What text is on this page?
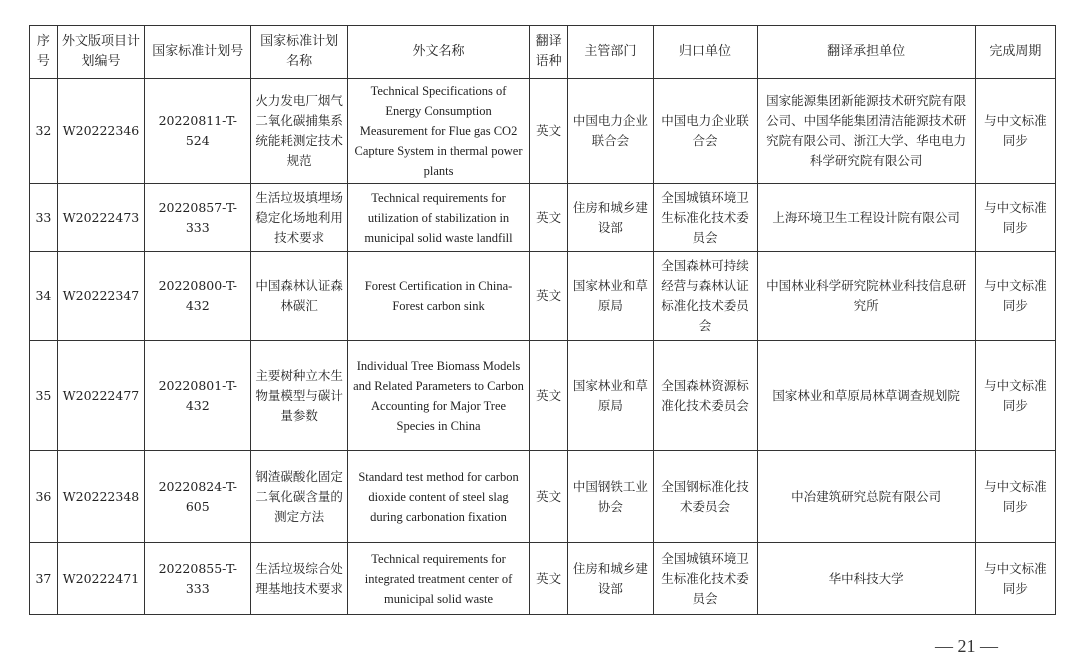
序号	外文版项目计划编号	国家标准计划号	国家标准计划名称	外文名称	翻译语种	主管部门	归口单位	翻译承担单位	完成周期
32	W20222346	20220811-T-524	火力发电厂烟气二氧化碳捕集系统能耗测定技术规范	Technical Specifications of Energy Consumption Measurement for Flue gas CO2 Capture System in thermal power plants	英文	中国电力企业联合会	中国电力企业联合会	国家能源集团新能源技术研究院有限公司、中国华能集团清洁能源技术研究院有限公司、浙江大学、华电电力科学研究院有限公司	与中文标准同步
33	W20222473	20220857-T-333	生活垃圾填埋场稳定化场地利用技术要求	Technical requirements for utilization of stabilization in municipal solid waste landfill	英文	住房和城乡建设部	全国城镇环境卫生标准化技术委员会	上海环境卫生工程设计院有限公司	与中文标准同步
34	W20222347	20220800-T-432	中国森林认证森林碳汇	Forest Certification in China-Forest carbon sink	英文	国家林业和草原局	全国森林可持续经营与森林认证标准化技术委员会	中国林业科学研究院林业科技信息研究所	与中文标准同步
35	W20222477	20220801-T-432	主要树种立木生物量模型与碳计量参数	Individual Tree Biomass Models and Related Parameters to Carbon Accounting for Major Tree Species in China	英文	国家林业和草原局	全国森林资源标准化技术委员会	国家林业和草原局林草调查规划院	与中文标准同步
36	W20222348	20220824-T-605	钢渣碳酸化固定二氧化碳含量的测定方法	Standard test method for carbon dioxide content of steel slag during carbonation fixation	英文	中国钢铁工业协会	全国钢标准化技术委员会	中冶建筑研究总院有限公司	与中文标准同步
37	W20222471	20220855-T-333	生活垃圾综合处理基地技术要求	Technical requirements for integrated treatment center of municipal solid waste	英文	住房和城乡建设部	全国城镇环境卫生标准化技术委员会	华中科技大学	与中文标准同步
— 21 —
